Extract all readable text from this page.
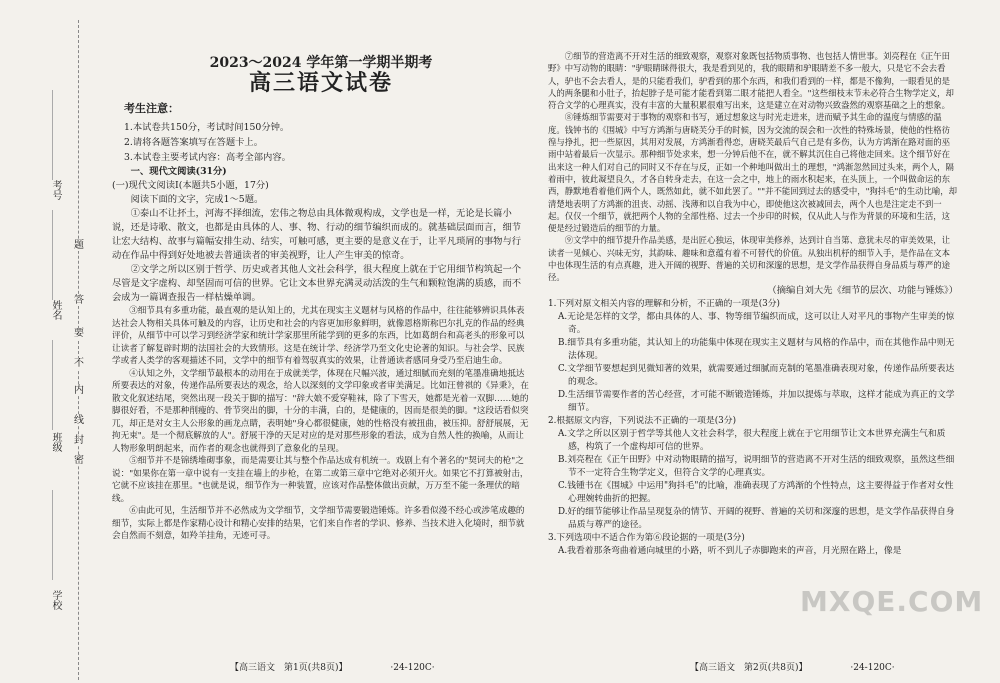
题
答
要
不
内
线
封
密
考号
姓名
班级
学校
2023～2024 学年第一学期半期考
高三语文试卷
考生注意：

1.本试卷共150分，考试时间150分钟。

2.请将各题答案填写在答题卡上。

3.本试卷主要考试内容：高考全部内容。

一、现代文阅读(31分)

(一)现代文阅读Ⅰ(本题共5小题，17分)

阅读下面的文字，完成1～5题。

①泰山不让抔土，河海不择细流，宏伟之物总由具体微观构成，文学也是一样，无论是长篇小说，还是诗歌、散文，也都是由具体的人、事、物、行动的细节编织而成的。就基础层面而言，细节让宏大结构、故事与篇幅安排生动、结实，可触可感，更主要的是意义在于，让平凡琐屑的事物与行动在作品中得到好处地被去普通读者的审美视野，让人产生审美的惊奇。

②文学之所以区别于哲学、历史或者其他人文社会科学，很大程度上就在于它用细节构筑起一个尽管是文字虚构、却坚固而可信的世界。它让文本世界充满灵动活泼的生气和颗粒饱满的质感，而不会成为一篇调查报告一样枯燥单调。

③细节具有多重功能，最直观的是认知上的，尤其在现实主义题材与风格的作品中，往往能够辨识具体表达社会人物相关具体可触及的内容，让历史和社会的内容更加形象鲜明，就像恩格斯称巴尔扎克的作品的经典评价，从细节中可以学习到经济学家和统计学家那里所能学到的更多的东西，比如葛朗台和高老头的形象可以让读者了解复辟时期的法国社会的大致情形。这是在统计学、经济学乃至文化史论著的知识。与社会学、民族学或者人类学的客观描述不同，文学中的细节有着驾驭真实的效果，让普通读者感同身受乃至启迪生命。

④认知之外，文学细节最根本的动用在于成就美学，体现在尺幅兴波，通过细腻而充刻的笔墨准确地抵达所要表达的对象，传递作品所要表达的观念，给人以深刻的文学印象或者审美满足。比如汪曾祺的《异秉》，在散文化叙述结尾，突然出现一段关于脚的描写："辞大娘不爱穿鞋袜，除了下雪天，她都是光着一双脚……她的脚很好看，不是那种削瘦的、骨节突出的脚，十分的丰满，白的，是健康的，因而是很美的脚。"这段话看似突兀，却正是对女主人公形象的画龙点睛，表明她"身心都很健康，她的性格没有被扭曲，被压抑。舒舒展展，无拘无束"。是一个彻底解放的人"。舒展干净的天足对应的是对那些形象的看法，成为自然人性的换喻，从而让人物形象明朗起来，而作者的观念也就得到了意象化的呈现。

⑤细节并不是锦绣堆砌事象，而是需要让其与整个作品达成有机统一。戏剧上有个著名的"契诃夫的枪"之说："如果你在第一章中说有一支挂在墙上的步枪，在第二或第三章中它绝对必须开火。如果它不打算被射击，它就不应该挂在那里。"也就是说，细节作为一种装置，应该对作品整体做出贡献，万万至不能一条理伏的暗线。

⑥由此可见，生活细节并不必然成为文学细节，文学细节需要锻造锤炼。许多看似漫不经心或涉笔成趣的细节，实际上都是作家精心设计和精心安排的结果，它们来自作者的学识、修养、当技术进入化境时，细节就会自然而不刻意，如羚羊挂角，无迹可寻。

⑦细节的营造离不开对生活的细致观察，观察对象既包括物质事物、也包括人情世事。刘亮程在《正午田野》中写动物的眼睛："驴眼睛眯得很大，我是看到见的，我的眼睛和驴眼睛差不多一般大，只是它不会去看人，驴也不会去看人，是的只能看我们，驴看到的那个东西，和我们看到的一样，都是不像狗，一眼看见的是人的两条腿和小肚子，抬起脖子是可能才能看到第二眼才能把人看全。"这些细枝末节未必符合生物学定义，却符合文学的心理真实，没有丰富的大量积累很难写出来，这是建立在对动物兴致盎然的观察基础之上的想象。

⑧锤炼细节需要对于事物的观察和书写，通过想象这与时光走进来，进而赋予其生命的温度与情感的温度。钱钟书的《围城》中写方鸿渐与唐晓芙分手的时候，因为交流的误会和一次性的特殊场景，使他的性格彷徨与挣扎，把一些原因，其用对发展，方鸿渐看得恋，唐晓芙最后气自己是有多伤，认为方鸿渐在路对面的巫雨中站着最后一次显示。那种细节处求来，想一分钟后他不在，就不解其沉住自己将他走回来。这个细节好在出来这一种人们对自己的同时又不存在与反，正如一个种地叫做出土的理想，"鸿渐忽然回过头来，两个人，隔着雨中，彼此凝望良久，才各自转身走去，在这一会之中，地上的雨水积起来，在头顶上，一个叫做命运的东西，静默地看着他们两个人，既然如此，就不如此罢了。""并不能回到过去的感受中，"狗抖毛"的生动比喻，却清楚地表明了方鸿渐的沮丧、动摇、浅薄和以自我为中心，即使他这次被减回去，两个人也是注定走不到一起。仅仅一个细节，就把两个人物的全部性格、过去一个步印的时候，仅从此人与作为背景的环境和生活，这便是经过锻造后的细节的力量。

⑨文学中的细节提升作品美感，是出匠心独运，体现审美修养，达到计自当第、意犹未尽的审美效果，让读者一见倾心、兴味无穷，其韵味、趣味和意蕴有着不可替代的价值。从独出机杼的细节入手，是作品在文本中也体现生活的有点真趣，进入开阔的视野、普遍的关切和深邃的思想，是文学作品获得自身品质与尊严的途径。

（摘编自刘大先《细节的层次、功能与锤炼》）

1.下列对原文相关内容的理解和分析，不正确的一项是(3分)

A.无论是怎样的文学，都由具体的人、事、物等细节编织而成，这可以让人对平凡的事物产生审美的惊奇。

B.细节具有多重功能，其认知上的功能集中体现在现实主义题材与风格的作品中，而在其他作品中则无法体现。

C.文学细节要想起到见微知著的效果，就需要通过细腻而克制的笔墨准确表现对象，传递作品所要表达的观念。

D.生活细节需要作者的苦心经营，才可能不断锻造锤炼，并加以提炼与萃取，这样才能成为真正的文学细节。

2.根据原文内容，下列说法不正确的一项是(3分)

A.文学之所以区别于哲学等其他人文社会科学，很大程度上就在于它用细节让文本世界充满生气和质感，构筑了一个虚构却可信的世界。

B.刘亮程在《正午田野》中对动物眼睛的描写，说明细节的营造离不开对生活的细致观察，虽然这些细节不一定符合生物学定义，但符合文学的心理真实。

C.钱锺书在《围城》中运用"狗抖毛"的比喻，准确表现了方鸿渐的个性特点，这主要得益于作者对女性心理婉转曲折的把握。

D.好的细节能够让作品呈现复杂的情节、开阔的视野、普遍的关切和深邃的思想，是文学作品获得自身品质与尊严的途径。

3.下列选项中不适合作为第⑥段论据的一项是(3分)

A.我看着那条弯曲着通向城里的小路，听不到儿子赤脚跑来的声音，月光照在路上，像是

【高三语文　第1页(共8页)】	·24-120C·	【高三语文　第2页(共8页)】	·24-120C·
MXQE.COM
